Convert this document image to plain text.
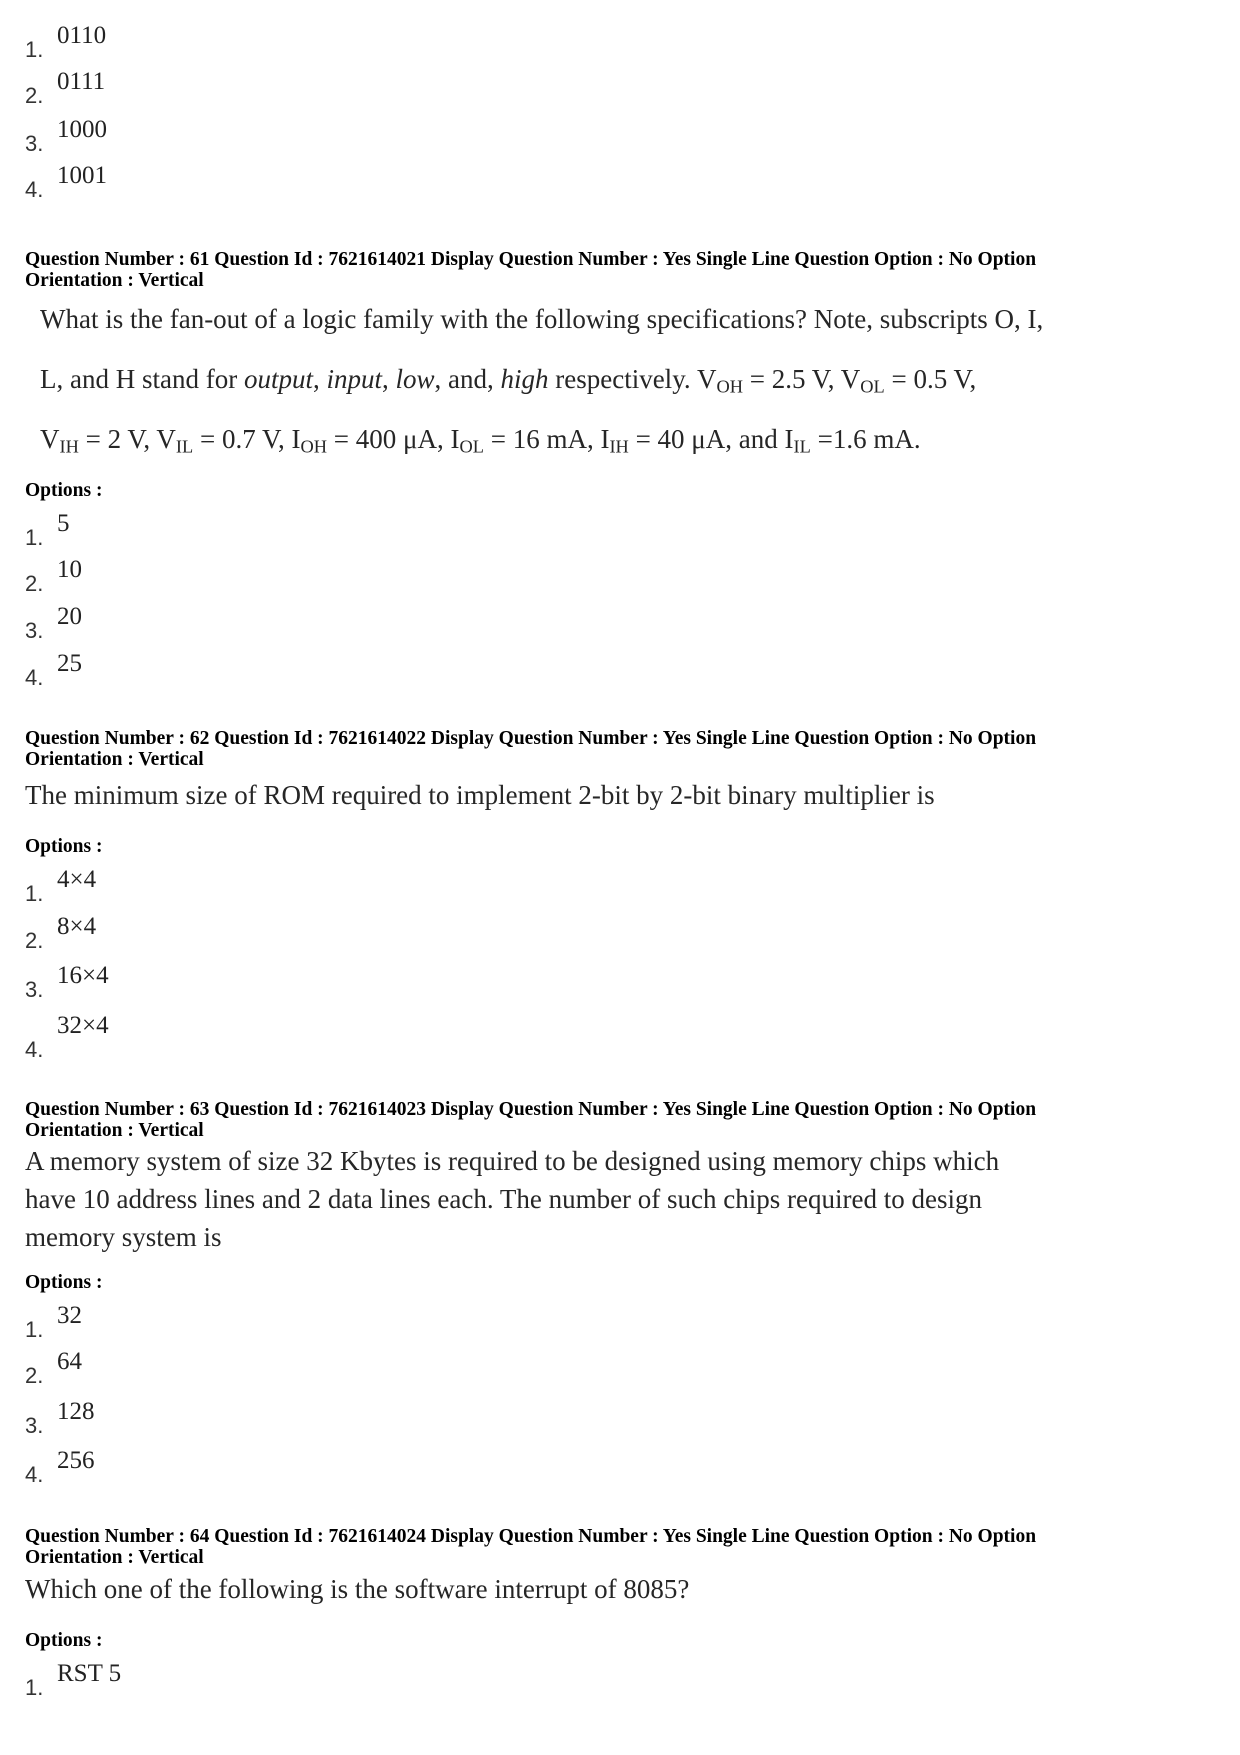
1.
0110
2.
0111
3.
1000
4.
1001
Question Number : 61 Question Id : 7621614021 Display Question Number : Yes Single Line Question Option : No Option
Orientation : Vertical
What is the fan-out of a logic family with the following specifications? Note, subscripts O, I,
L, and H stand for output, input, low, and, high respectively. $V_{OH} = 2.5$ V, $V_{OL} = 0.5$ V,
$V_{IH} = 2$ V, $V_{IL} = 0.7$ V, $I_{OH} = 400$ μA, $I_{OL} = 16$ mA, $I_{IH} = 40$ μA, and $I_{IL} =1.6$ mA.
Options :
1.
5
2.
10
3.
20
4.
25
Question Number : 62 Question Id : 7621614022 Display Question Number : Yes Single Line Question Option : No Option
Orientation : Vertical
The minimum size of ROM required to implement 2-bit by 2-bit binary multiplier is
Options :
1.
4×4
2.
8×4
3.
16×4
4.
32×4
Question Number : 63 Question Id : 7621614023 Display Question Number : Yes Single Line Question Option : No Option
Orientation : Vertical
A memory system of size 32 Kbytes is required to be designed using memory chips which
have 10 address lines and 2 data lines each. The number of such chips required to design
memory system is
Options :
1.
32
2.
64
3.
128
4.
256
Question Number : 64 Question Id : 7621614024 Display Question Number : Yes Single Line Question Option : No Option
Orientation : Vertical
Which one of the following is the software interrupt of 8085?
Options :
1.
RST 5
